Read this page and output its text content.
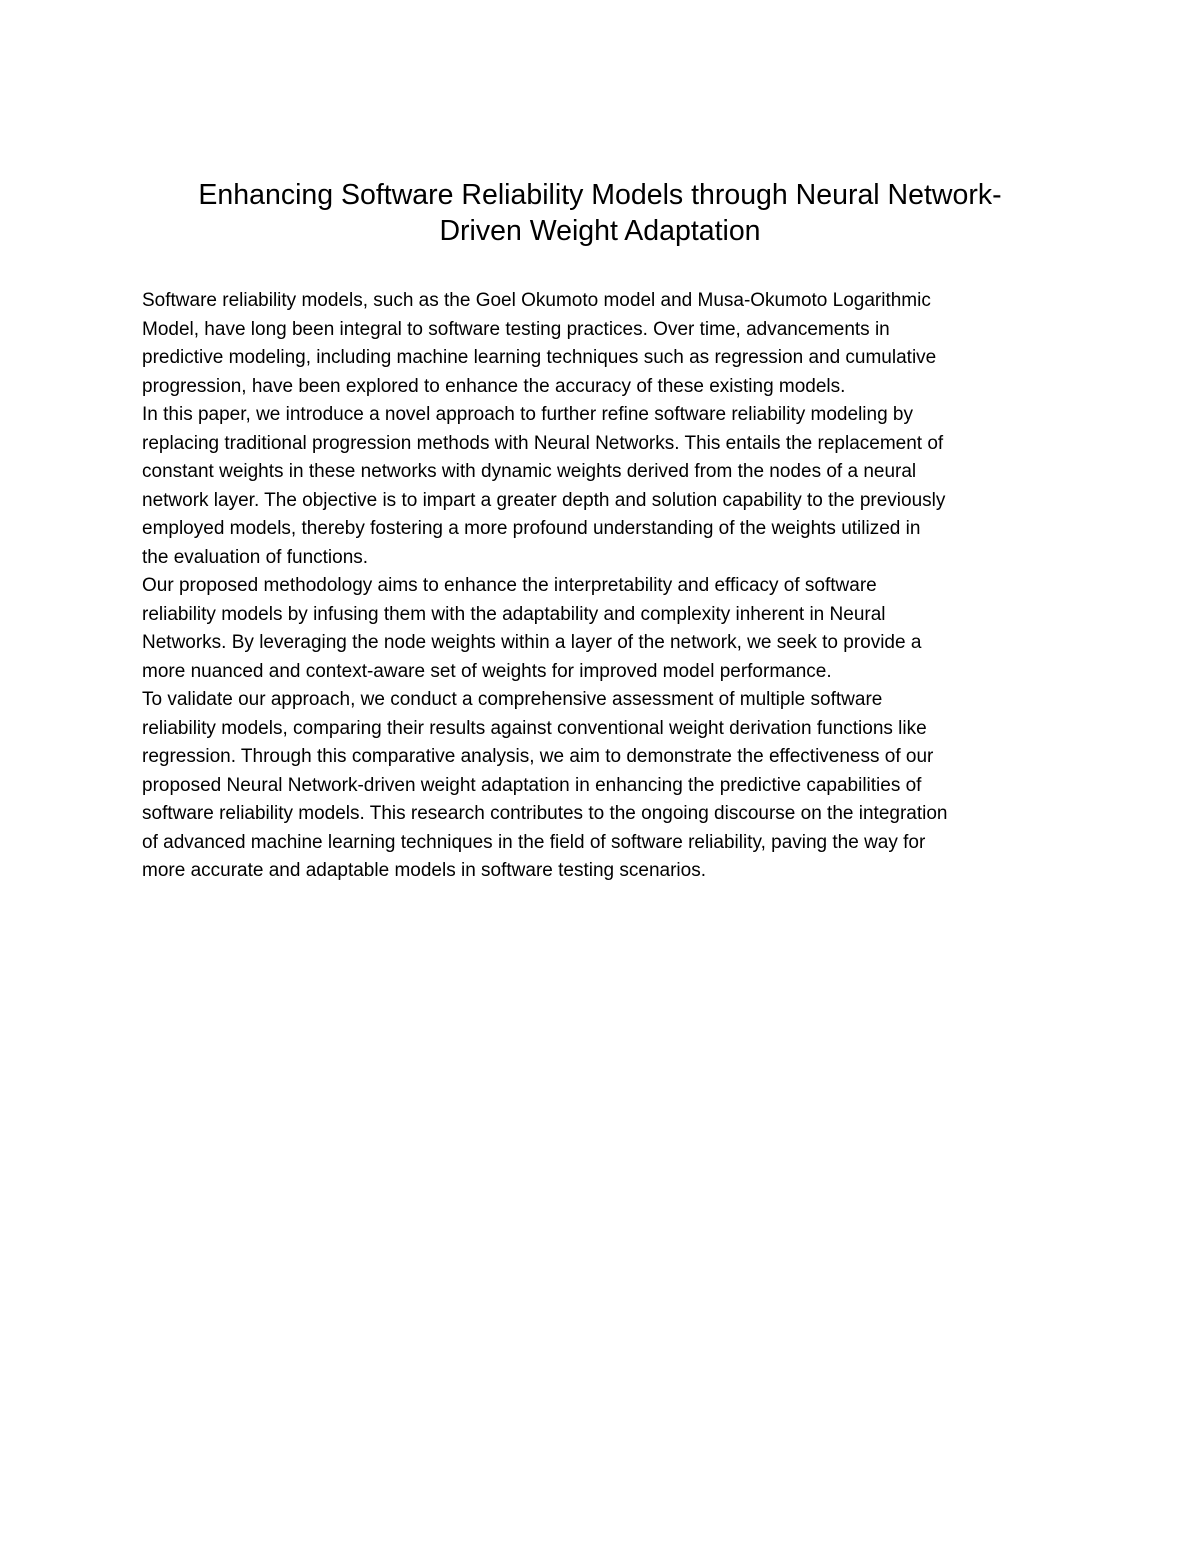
Enhancing Software Reliability Models through Neural Network-
Driven Weight Adaptation

Software reliability models, such as the Goel Okumoto model and Musa-Okumoto Logarithmic
Model, have long been integral to software testing practices. Over time, advancements in
predictive modeling, including machine learning techniques such as regression and cumulative
progression, have been explored to enhance the accuracy of these existing models.

In this paper, we introduce a novel approach to further refine software reliability modeling by
replacing traditional progression methods with Neural Networks. This entails the replacement of
constant weights in these networks with dynamic weights derived from the nodes of a neural
network layer. The objective is to impart a greater depth and solution capability to the previously
employed models, thereby fostering a more profound understanding of the weights utilized in
the evaluation of functions.

Our proposed methodology aims to enhance the interpretability and efficacy of software
reliability models by infusing them with the adaptability and complexity inherent in Neural
Networks. By leveraging the node weights within a layer of the network, we seek to provide a
more nuanced and context-aware set of weights for improved model performance.

To validate our approach, we conduct a comprehensive assessment of multiple software
reliability models, comparing their results against conventional weight derivation functions like
regression. Through this comparative analysis, we aim to demonstrate the effectiveness of our
proposed Neural Network-driven weight adaptation in enhancing the predictive capabilities of
software reliability models. This research contributes to the ongoing discourse on the integration
of advanced machine learning techniques in the field of software reliability, paving the way for
more accurate and adaptable models in software testing scenarios.
